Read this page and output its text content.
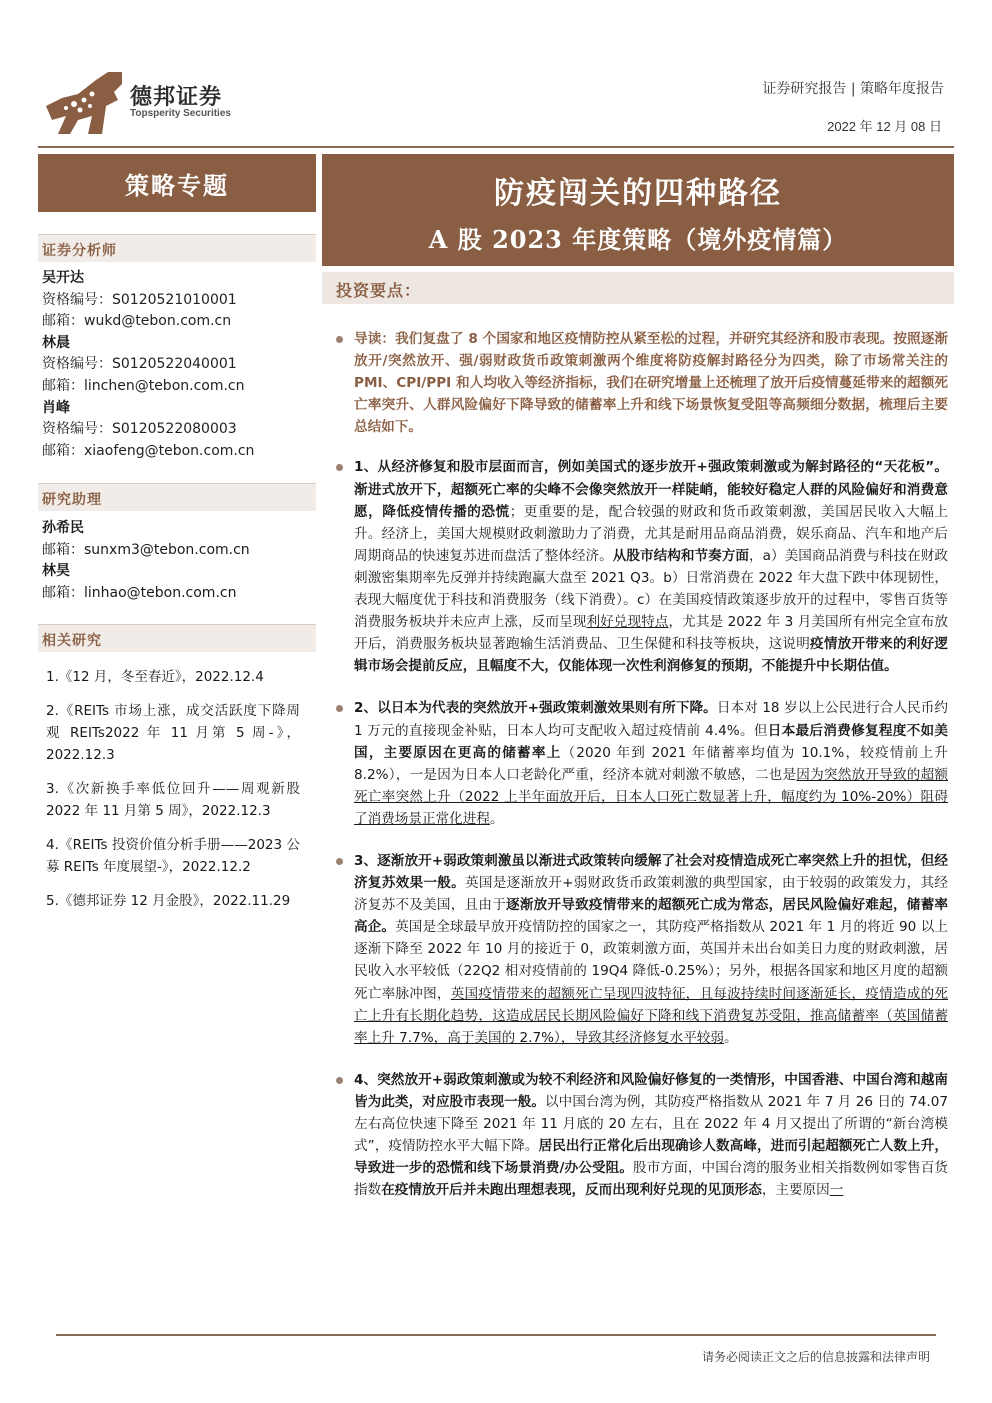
德邦证券
Topsperity Securities
证券研究报告 | 策略年度报告
2022 年 12 月 08 日
策略专题	防疫闯关的四种路径
A 股 2023 年度策略（境外疫情篇）
证券分析师
吴开达
资格编号：S0120521010001
邮箱：wukd@tebon.com.cn
林晨
资格编号：S0120522040001
邮箱：linchen@tebon.com.cn
肖峰
资格编号：S0120522080003
邮箱：xiaofeng@tebon.com.cn
研究助理
孙希民
邮箱：sunxm3@tebon.com.cn
林昊
邮箱：linhao@tebon.com.cn
相关研究
1.《12 月，冬至春近》，2022.12.4
2.《REITs 市场上涨，成交活跃度下降周观 REITs2022 年 11 月第 5 周-》，2022.12.3
3.《次新换手率低位回升——周观新股 2022 年 11 月第 5 周》，2022.12.3
4.《REITs 投资价值分析手册——2023 公募 REITs 年度展望-》，2022.12.2
5.《德邦证券 12 月金股》，2022.11.29
投资要点：
导读：我们复盘了 8 个国家和地区疫情防控从紧至松的过程，并研究其经济和股市表现。按照逐渐放开/突然放开、强/弱财政货币政策刺激两个维度将防疫解封路径分为四类，除了市场常关注的 PMI、CPI/PPI 和人均收入等经济指标，我们在研究增量上还梳理了放开后疫情蔓延带来的超额死亡率突升、人群风险偏好下降导致的储蓄率上升和线下场景恢复受阻等高频细分数据，梳理后主要总结如下。
1、从经济修复和股市层面而言，例如美国式的逐步放开+强政策刺激或为解封路径的“天花板”。渐进式放开下，超额死亡率的尖峰不会像突然放开一样陡峭，能较好稳定人群的风险偏好和消费意愿，降低疫情传播的恐慌；更重要的是，配合较强的财政和货币政策刺激，美国居民收入大幅上升。经济上，美国大规模财政刺激助力了消费，尤其是耐用品商品消费，娱乐商品、汽车和地产后周期商品的快速复苏进而盘活了整体经济。从股市结构和节奏方面，a）美国商品消费与科技在财政刺激密集期率先反弹并持续跑赢大盘至 2021 Q3。b）日常消费在 2022 年大盘下跌中体现韧性，表现大幅度优于科技和消费服务（线下消费）。c）在美国疫情政策逐步放开的过程中，零售百货等消费服务板块并未应声上涨，反而呈现利好兑现特点，尤其是 2022 年 3 月美国所有州完全宣布放开后，消费服务板块显著跑输生活消费品、卫生保健和科技等板块，这说明疫情放开带来的利好逻辑市场会提前反应，且幅度不大，仅能体现一次性利润修复的预期，不能提升中长期估值。
2、以日本为代表的突然放开+强政策刺激效果则有所下降。日本对 18 岁以上公民进行合人民币约 1 万元的直接现金补贴，日本人均可支配收入超过疫情前 4.4%。但日本最后消费修复程度不如美国，主要原因在更高的储蓄率上（2020 年到 2021 年储蓄率均值为 10.1%，较疫情前上升 8.2%），一是因为日本人口老龄化严重，经济本就对刺激不敏感，二也是因为突然放开导致的超额死亡率突然上升（2022 上半年面放开后，日本人口死亡数显著上升，幅度约为 10%-20%）阻碍了消费场景正常化进程。
3、逐渐放开+弱政策刺激虽以渐进式政策转向缓解了社会对疫情造成死亡率突然上升的担忧，但经济复苏效果一般。英国是逐渐放开+弱财政货币政策刺激的典型国家，由于较弱的政策发力，其经济复苏不及美国，且由于逐渐放开导致疫情带来的超额死亡成为常态，居民风险偏好难起，储蓄率高企。英国是全球最早放开疫情防控的国家之一，其防疫严格指数从 2021 年 1 月的将近 90 以上逐渐下降至 2022 年 10 月的接近于 0，政策刺激方面，英国并未出台如美日力度的财政刺激，居民收入水平较低（22Q2 相对疫情前的 19Q4 降低-0.25%）；另外，根据各国家和地区月度的超额死亡率脉冲图，英国疫情带来的超额死亡呈现四波特征，且每波持续时间逐渐延长，疫情造成的死亡上升有长期化趋势，这造成居民长期风险偏好下降和线下消费复苏受阻，推高储蓄率（英国储蓄率上升 7.7%，高于美国的 2.7%），导致其经济修复水平较弱。
4、突然放开+弱政策刺激或为较不利经济和风险偏好修复的一类情形，中国香港、中国台湾和越南皆为此类，对应股市表现一般。以中国台湾为例，其防疫严格指数从 2021 年 7 月 26 日的 74.07 左右高位快速下降至 2021 年 11 月底的 20 左右，且在 2022 年 4 月又提出了所谓的“新台湾模式”，疫情防控水平大幅下降。居民出行正常化后出现确诊人数高峰，进而引起超额死亡人数上升，导致进一步的恐慌和线下场景消费/办公受阻。股市方面，中国台湾的服务业相关指数例如零售百货指数在疫情放开后并未跑出理想表现，反而出现利好兑现的见顶形态，主要原因一
请务必阅读正文之后的信息披露和法律声明
